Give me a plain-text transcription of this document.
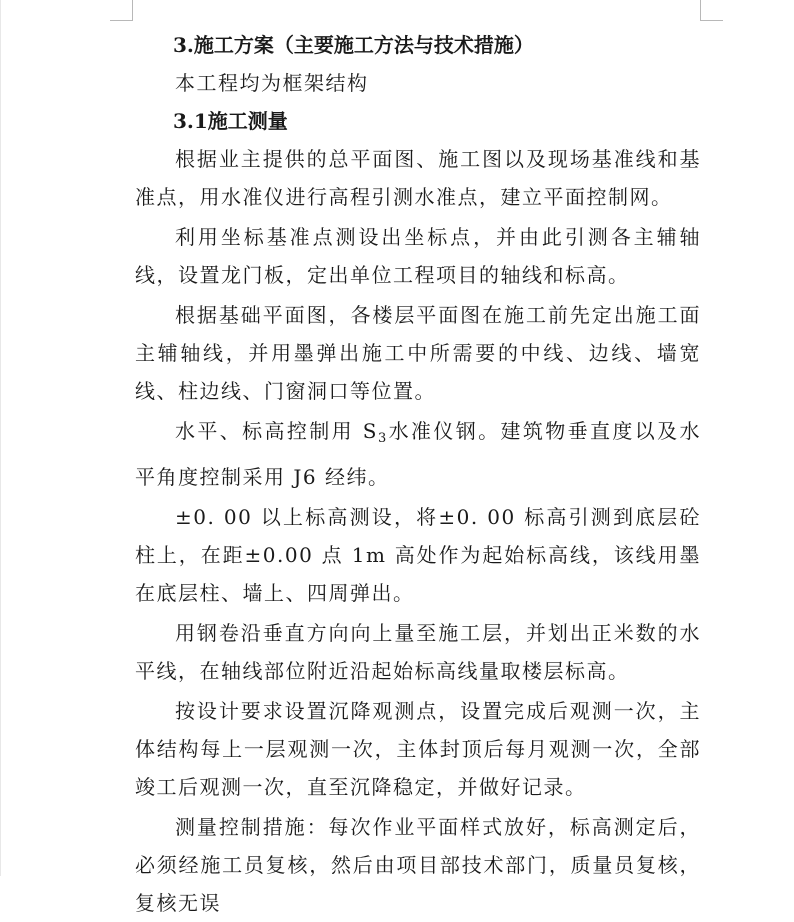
3.施工方案（主要施工方法与技术措施）

本工程均为框架结构

3.1施工测量

根据业主提供的总平面图、施工图以及现场基准线和基准点，用水准仪进行高程引测水准点，建立平面控制网。

利用坐标基准点测设出坐标点，并由此引测各主辅轴线，设置龙门板，定出单位工程项目的轴线和标高。

根据基础平面图，各楼层平面图在施工前先定出施工面主辅轴线，并用墨弹出施工中所需要的中线、边线、墙宽线、柱边线、门窗洞口等位置。

水平、标高控制用 $S_3$水准仪钢。建筑物垂直度以及水平角度控制采用 J6 经纬。

±0. 00 以上标高测设，将±0. 00 标高引测到底层砼柱上，在距±0.00 点 1m 高处作为起始标高线，该线用墨在底层柱、墙上、四周弹出。

用钢卷沿垂直方向向上量至施工层，并划出正米数的水平线，在轴线部位附近沿起始标高线量取楼层标高。

按设计要求设置沉降观测点，设置完成后观测一次，主体结构每上一层观测一次，主体封顶后每月观测一次，全部竣工后观测一次，直至沉降稳定，并做好记录。

测量控制措施：每次作业平面样式放好，标高测定后，必须经施工员复核，然后由项目部技术部门，质量员复核，复核无误
